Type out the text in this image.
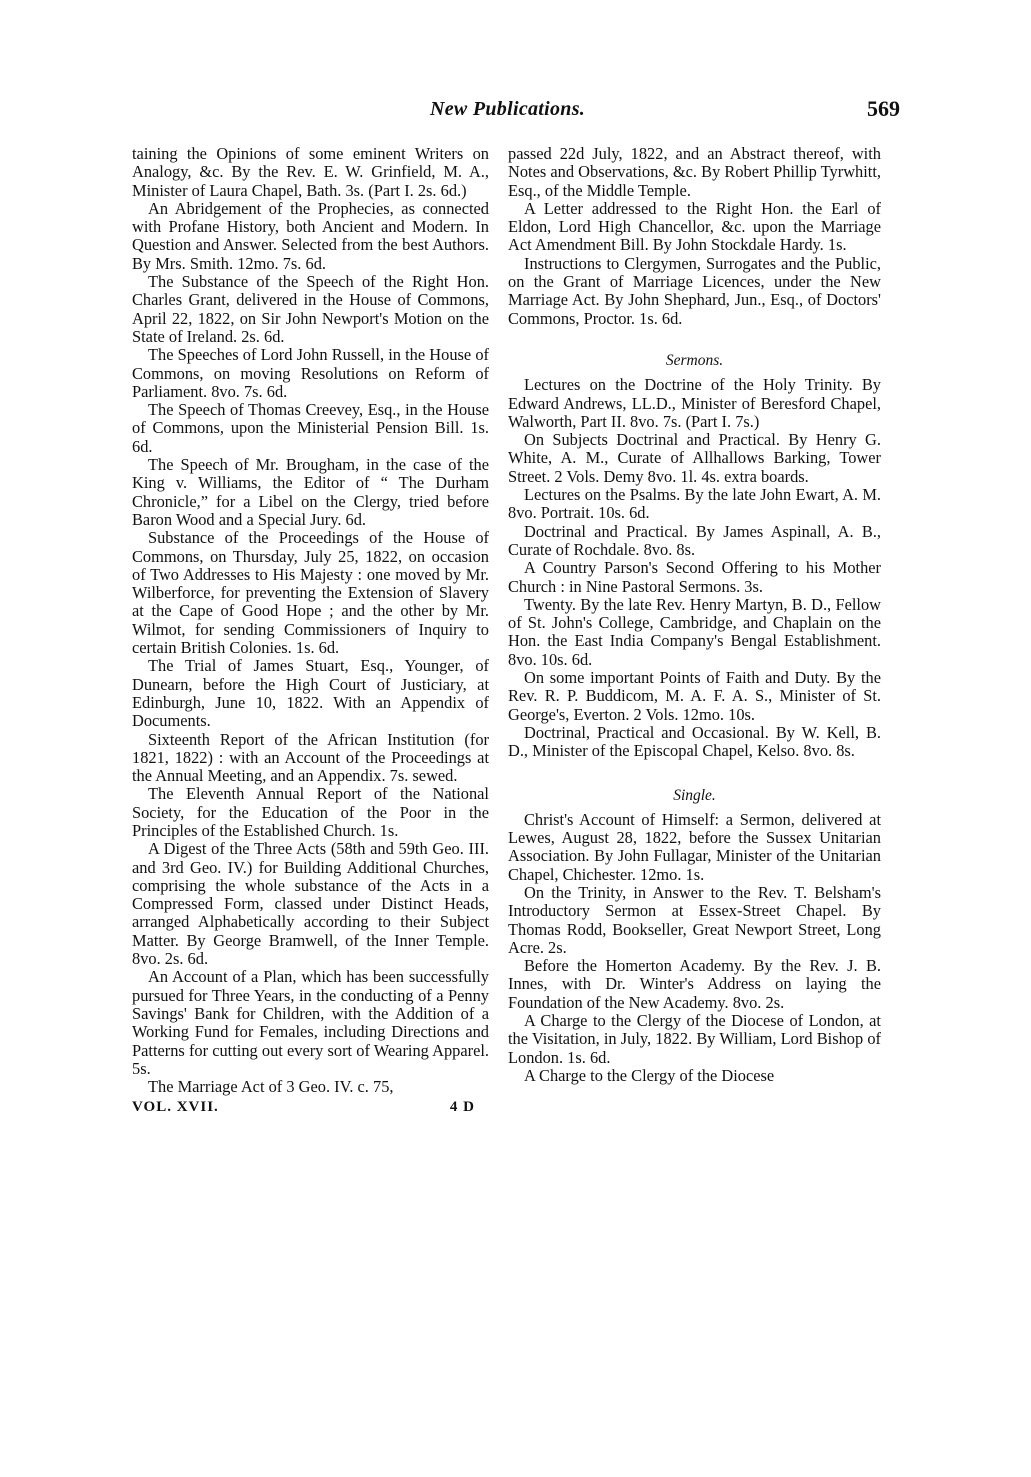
New Publications.	569

taining the Opinions of some eminent Writers on Analogy, &c. By the Rev. E. W. Grinfield, M. A., Minister of Laura Chapel, Bath. 3s. (Part I. 2s. 6d.)

An Abridgement of the Prophecies, as connected with Profane History, both Ancient and Modern. In Question and Answer. Selected from the best Authors. By Mrs. Smith. 12mo. 7s. 6d.

The Substance of the Speech of the Right Hon. Charles Grant, delivered in the House of Commons, April 22, 1822, on Sir John Newport's Motion on the State of Ireland. 2s. 6d.

The Speeches of Lord John Russell, in the House of Commons, on moving Resolutions on Reform of Parliament. 8vo. 7s. 6d.

The Speech of Thomas Creevey, Esq., in the House of Commons, upon the Ministerial Pension Bill. 1s. 6d.

The Speech of Mr. Brougham, in the case of the King v. Williams, the Editor of “ The Durham Chronicle,” for a Libel on the Clergy, tried before Baron Wood and a Special Jury. 6d.

Substance of the Proceedings of the House of Commons, on Thursday, July 25, 1822, on occasion of Two Addresses to His Majesty : one moved by Mr. Wilberforce, for preventing the Extension of Slavery at the Cape of Good Hope ; and the other by Mr. Wilmot, for sending Commissioners of Inquiry to certain British Colonies. 1s. 6d.

The Trial of James Stuart, Esq., Younger, of Dunearn, before the High Court of Justiciary, at Edinburgh, June 10, 1822. With an Appendix of Documents.

Sixteenth Report of the African Institution (for 1821, 1822) : with an Account of the Proceedings at the Annual Meeting, and an Appendix. 7s. sewed.

The Eleventh Annual Report of the National Society, for the Education of the Poor in the Principles of the Established Church. 1s.

A Digest of the Three Acts (58th and 59th Geo. III. and 3rd Geo. IV.) for Building Additional Churches, comprising the whole substance of the Acts in a Compressed Form, classed under Distinct Heads, arranged Alphabetically according to their Subject Matter. By George Bramwell, of the Inner Temple. 8vo. 2s. 6d.

An Account of a Plan, which has been successfully pursued for Three Years, in the conducting of a Penny Savings' Bank for Children, with the Addition of a Working Fund for Females, including Directions and Patterns for cutting out every sort of Wearing Apparel. 5s.

The Marriage Act of 3 Geo. IV. c. 75,

VOL. XVII.	4 D

passed 22d July, 1822, and an Abstract thereof, with Notes and Observations, &c. By Robert Phillip Tyrwhitt, Esq., of the Middle Temple.

A Letter addressed to the Right Hon. the Earl of Eldon, Lord High Chancellor, &c. upon the Marriage Act Amendment Bill. By John Stockdale Hardy. 1s.

Instructions to Clergymen, Surrogates and the Public, on the Grant of Marriage Licences, under the New Marriage Act. By John Shephard, Jun., Esq., of Doctors' Commons, Proctor. 1s. 6d.

Sermons.

Lectures on the Doctrine of the Holy Trinity. By Edward Andrews, LL.D., Minister of Beresford Chapel, Walworth, Part II. 8vo. 7s. (Part I. 7s.)

On Subjects Doctrinal and Practical. By Henry G. White, A. M., Curate of Allhallows Barking, Tower Street. 2 Vols. Demy 8vo. 1l. 4s. extra boards.

Lectures on the Psalms. By the late John Ewart, A. M. 8vo. Portrait. 10s. 6d.

Doctrinal and Practical. By James Aspinall, A. B., Curate of Rochdale. 8vo. 8s.

A Country Parson's Second Offering to his Mother Church : in Nine Pastoral Sermons. 3s.

Twenty. By the late Rev. Henry Martyn, B. D., Fellow of St. John's College, Cambridge, and Chaplain on the Hon. the East India Company's Bengal Establishment. 8vo. 10s. 6d.

On some important Points of Faith and Duty. By the Rev. R. P. Buddicom, M. A. F. A. S., Minister of St. George's, Everton. 2 Vols. 12mo. 10s.

Doctrinal, Practical and Occasional. By W. Kell, B. D., Minister of the Episcopal Chapel, Kelso. 8vo. 8s.

Single.

Christ's Account of Himself: a Sermon, delivered at Lewes, August 28, 1822, before the Sussex Unitarian Association. By John Fullagar, Minister of the Unitarian Chapel, Chichester. 12mo. 1s.

On the Trinity, in Answer to the Rev. T. Belsham's Introductory Sermon at Essex-Street Chapel. By Thomas Rodd, Bookseller, Great Newport Street, Long Acre. 2s.

Before the Homerton Academy. By the Rev. J. B. Innes, with Dr. Winter's Address on laying the Foundation of the New Academy. 8vo. 2s.

A Charge to the Clergy of the Diocese of London, at the Visitation, in July, 1822. By William, Lord Bishop of London. 1s. 6d.

A Charge to the Clergy of the Diocese
